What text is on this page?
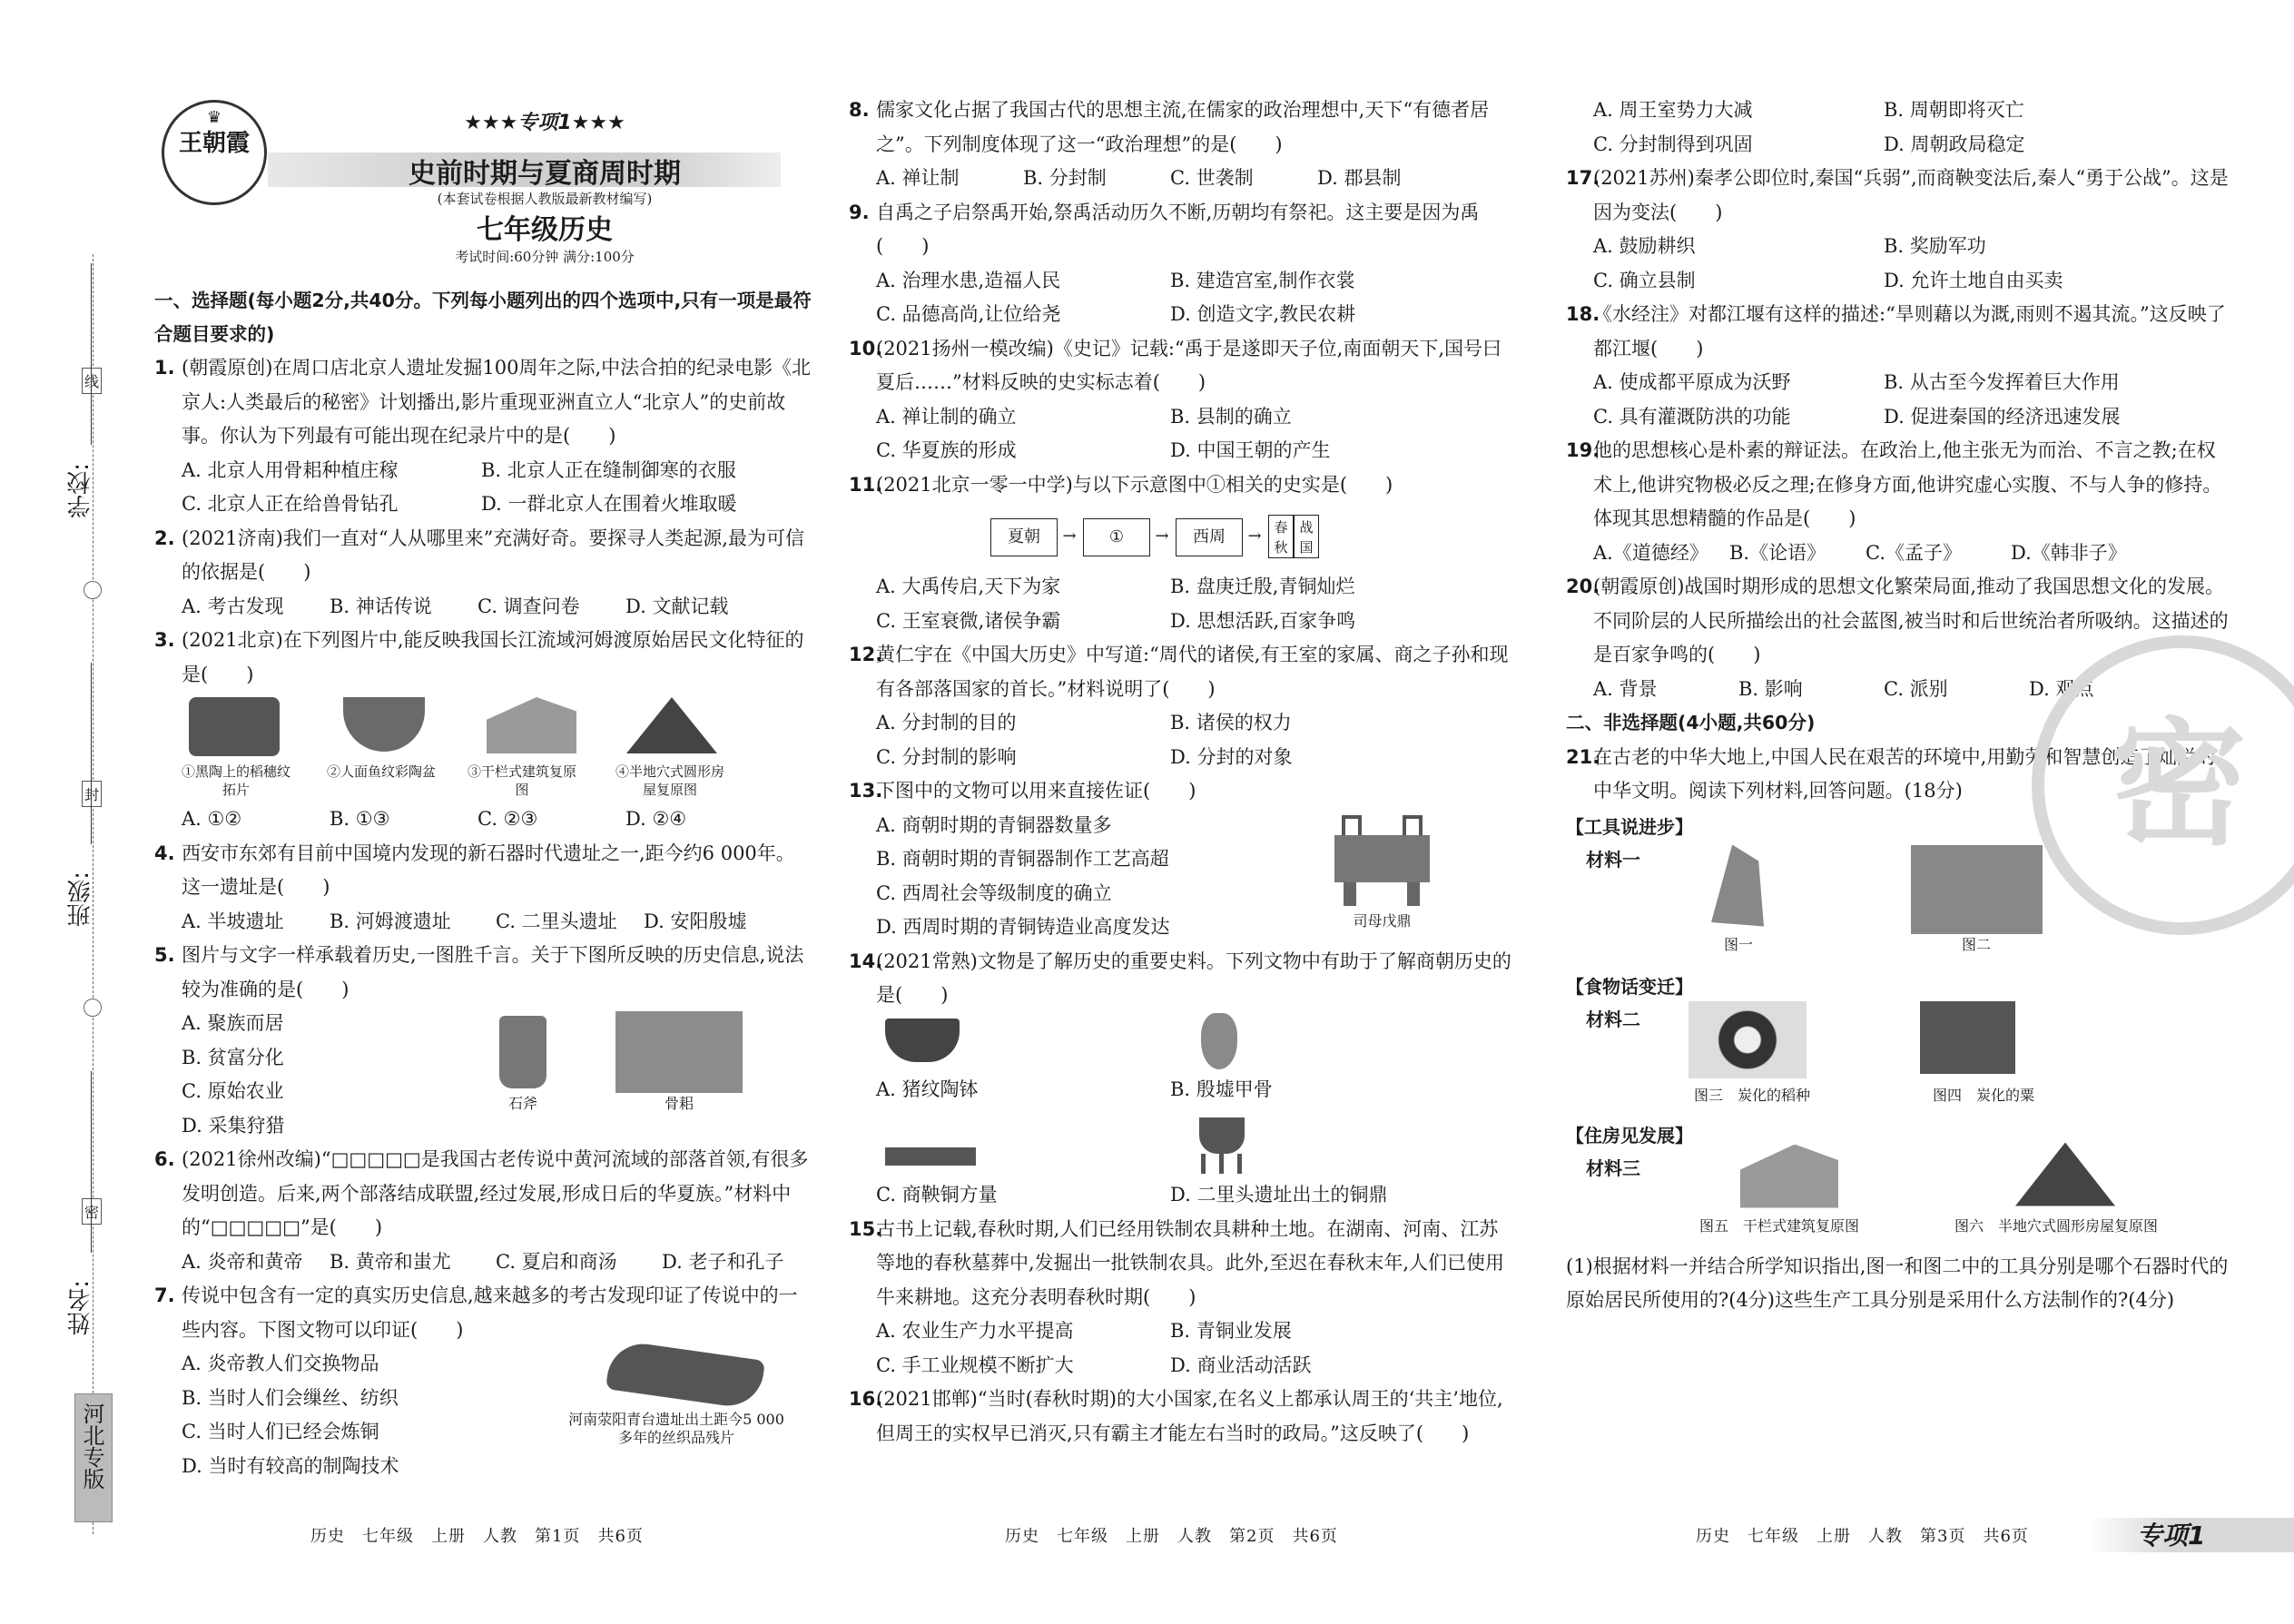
线
封
密
学校:
班级:
姓名:
河北专版
♛
王朝霞
★★★专项1★★★
史前时期与夏商周时期
(本套试卷根据人教版最新教材编写)
七年级历史
考试时间:60分钟 满分:100分

一、选择题(每小题2分,共40分。下列每小题列出的四个选项中,只有一项是最符合题目要求的)

1. (朝霞原创)在周口店北京人遗址发掘100周年之际,中法合拍的纪录电影《北京人:人类最后的秘密》计划播出,影片重现亚洲直立人“北京人”的史前故事。你认为下列最有可能出现在纪录片中的是(　　)

A. 北京人用骨耜种植庄稼	B. 北京人正在缝制御寒的衣服
C. 北京人正在给兽骨钻孔	D. 一群北京人在围着火堆取暖

2. (2021济南)我们一直对“人从哪里来”充满好奇。要探寻人类起源,最为可信的依据是(　　)

A. 考古发现 B. 神话传说 C. 调查问卷 D. 文献记载

3. (2021北京)在下列图片中,能反映我国长江流域河姆渡原始居民文化特征的是(　　)

①黑陶上的稻穗纹拓片
②人面鱼纹彩陶盆 ③干栏式建筑复原图
④半地穴式圆形房屋复原图
A. ①②	B. ①③	C. ②③	D. ②④

4. 西安市东郊有目前中国境内发现的新石器时代遗址之一,距今约6 000年。这一遗址是(　　)

A. 半坡遗址 B. 河姆渡遗址 C. 二里头遗址 D. 安阳殷墟

5. 图片与文字一样承载着历史,一图胜千言。关于下图所反映的历史信息,说法较为准确的是(　　)

A. 聚族而居
B. 贫富分化
C. 原始农业
D. 采集狩猎
石斧	骨耜

6. (2021徐州改编)“□□□□□是我国古老传说中黄河流域的部落首领,有很多发明创造。后来,两个部落结成联盟,经过发展,形成日后的华夏族。”材料中的“□□□□□”是(　　)

A. 炎帝和黄帝 B. 黄帝和蚩尤 C. 夏启和商汤 D. 老子和孔子

7. 传说中包含有一定的真实历史信息,越来越多的考古发现印证了传说中的一些内容。下图文物可以印证(　　)

A. 炎帝教人们交换物品
B. 当时人们会缫丝、纺织
C. 当时人们已经会炼铜
D. 当时有较高的制陶技术
河南荥阳青台遗址出土距今5 000多年的丝织品残片

8. 儒家文化占据了我国古代的思想主流,在儒家的政治理想中,天下“有德者居之”。下列制度体现了这一“政治理想”的是(　　)

A. 禅让制	B. 分封制	C. 世袭制	D. 郡县制

9. 自禹之子启祭禹开始,祭禹活动历久不断,历朝均有祭祀。这主要是因为禹(　　)

A. 治理水患,造福人民	B. 建造宫室,制作衣裳
C. 品德高尚,让位给尧	D. 创造文字,教民农耕

10.
(2021扬州一模改编)《史记》记载:“禹于是遂即天子位,南面朝天下,国号曰夏后……”材料反映的史实标志着(　　)

A. 禅让制的确立	B. 县制的确立
C. 华夏族的形成	D. 中国王朝的产生

11.
(2021北京一零一中学)与以下示意图中①相关的史实是(　　)

夏朝	→	①	→	西周	→ 春秋
战国
A. 大禹传启,天下为家	B. 盘庚迁殷,青铜灿烂
C. 王室衰微,诸侯争霸	D. 思想活跃,百家争鸣

12.
黄仁宇在《中国大历史》中写道:“周代的诸侯,有王室的家属、商之子孙和现有各部落国家的首长。”材料说明了(　　)

A. 分封制的目的	B. 诸侯的权力
C. 分封制的影响	D. 分封的对象

13.
下图中的文物可以用来直接佐证(　　)

A. 商朝时期的青铜器数量多
B. 商朝时期的青铜器制作工艺高超
C. 西周社会等级制度的确立
D. 西周时期的青铜铸造业高度发达	司母戊鼎

14.
(2021常熟)文物是了解历史的重要史料。下列文物中有助于了解商朝历史的是(　　)

A. 猪纹陶钵	B. 殷墟甲骨
C. 商鞅铜方量	D. 二里头遗址出土的铜鼎

15.
古书上记载,春秋时期,人们已经用铁制农具耕种土地。在湖南、河南、江苏等地的春秋墓葬中,发掘出一批铁制农具。此外,至迟在春秋末年,人们已使用牛来耕地。这充分表明春秋时期(　　)

A. 农业生产力水平提高	B. 青铜业发展
C. 手工业规模不断扩大	D. 商业活动活跃

16.
(2021邯郸)“当时(春秋时期)的大小国家,在名义上都承认周王的‘共主’地位,但周王的实权早已消灭,只有霸主才能左右当时的政局。”这反映了(　　)

A. 周王室势力大减	B. 周朝即将灭亡
C. 分封制得到巩固	D. 周朝政局稳定

17.
(2021苏州)秦孝公即位时,秦国“兵弱”,而商鞅变法后,秦人“勇于公战”。这是因为变法(　　)

A. 鼓励耕织	B. 奖励军功
C. 确立县制	D. 允许土地自由买卖

18.
《水经注》对都江堰有这样的描述:“旱则藉以为溉,雨则不遏其流。”这反映了都江堰(　　)

A. 使成都平原成为沃野	B. 从古至今发挥着巨大作用
C. 具有灌溉防洪的功能	D. 促进秦国的经济迅速发展

19.
他的思想核心是朴素的辩证法。在政治上,他主张无为而治、不言之教;在权术上,他讲究物极必反之理;在修身方面,他讲究虚心实腹、不与人争的修持。体现其思想精髓的作品是(　　)

A.《道德经》 B.《论语》 C.《孟子》	D.《韩非子》

20.
(朝霞原创)战国时期形成的思想文化繁荣局面,推动了我国思想文化的发展。不同阶层的人民所描绘出的社会蓝图,被当时和后世统治者所吸纳。这描述的是百家争鸣的(　　)

A. 背景	B. 影响	C. 派别	D. 观点

二、非选择题(4小题,共60分)

21.
在古老的中华大地上,中国人民在艰苦的环境中,用勤劳和智慧创造了灿烂的中华文明。阅读下列材料,回答问题。(18分)

【工具说进步】

材料一

图一	图二

【食物话变迁】

材料二

图三　炭化的稻种	图四　炭化的粟

【住房见发展】

材料三

图五　干栏式建筑复原图	图六　半地穴式圆形房屋复原图

(1)根据材料一并结合所学知识指出,图一和图二中的工具分别是哪个石器时代的原始居民所使用的?(4分)这些生产工具分别是采用什么方法制作的?(4分)

密
历史　七年级　上册　人教　第1页　共6页	历史　七年级　上册　人教　第2页　共6页	历史　七年级　上册　人教　第3页　共6页	专项1
